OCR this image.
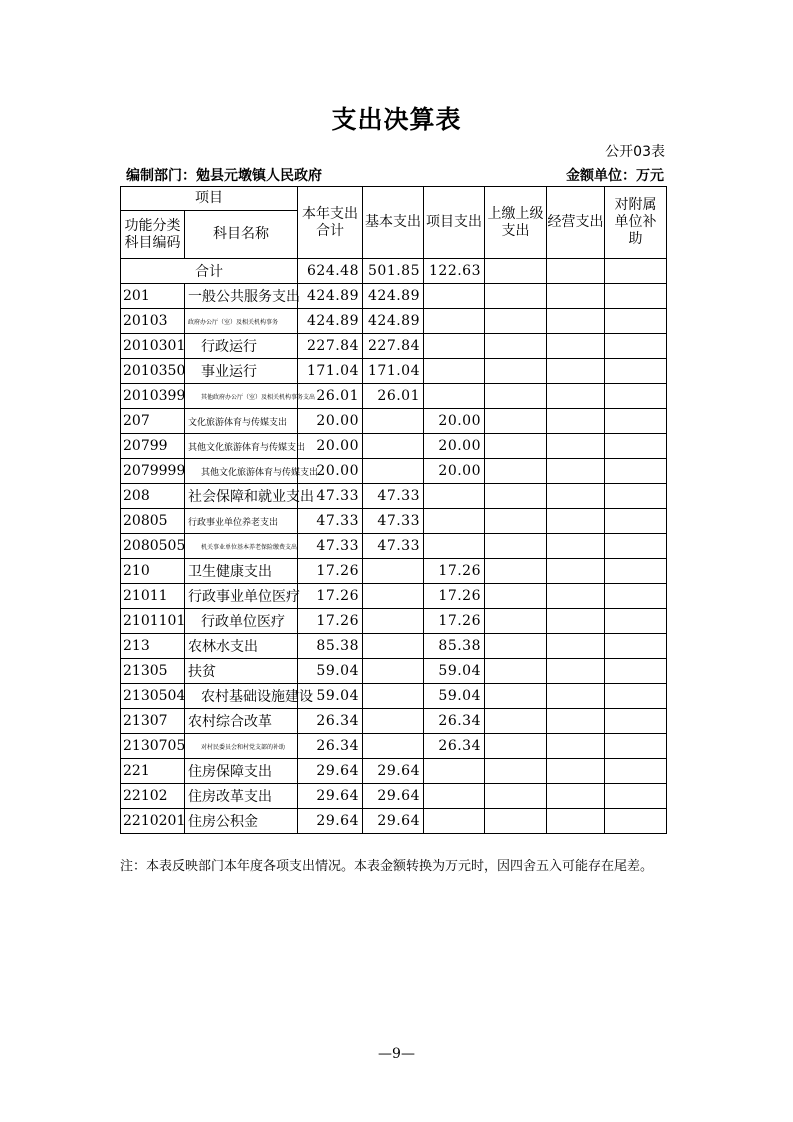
支出决算表
公开03表
编制部门：勉县元墩镇人民政府	金额单位：万元
项目		本年支出合计	基本支出	项目支出	上缴上级支出	经营支出	对附属单位补助
功能分类科目编码	科目名称						
合计		624.48	501.85	122.63			
201	一般公共服务支出	424.89	424.89				
20103	政府办公厅（室）及相关机构事务	424.89	424.89				
2010301	行政运行	227.84	227.84				
2010350	事业运行	171.04	171.04				
2010399	其他政府办公厅（室）及相关机构事务支出	26.01	26.01				
207	文化旅游体育与传媒支出	20.00		20.00			
20799	其他文化旅游体育与传媒支出	20.00		20.00			
2079999	其他文化旅游体育与传媒支出	20.00		20.00			
208	社会保障和就业支出	47.33	47.33				
20805	行政事业单位养老支出	47.33	47.33				
2080505	机关事业单位基本养老保险缴费支出	47.33	47.33				
210	卫生健康支出	17.26		17.26			
21011	行政事业单位医疗	17.26		17.26			
2101101	行政单位医疗	17.26		17.26			
213	农林水支出	85.38		85.38			
21305	扶贫	59.04		59.04			
2130504	农村基础设施建设	59.04		59.04			
21307	农村综合改革	26.34		26.34			
2130705	对村民委员会和村党支部的补助	26.34		26.34			
221	住房保障支出	29.64	29.64				
22102	住房改革支出	29.64	29.64				
2210201	住房公积金	29.64	29.64				
注：本表反映部门本年度各项支出情况。本表金额转换为万元时，因四舍五入可能存在尾差。
—9—
